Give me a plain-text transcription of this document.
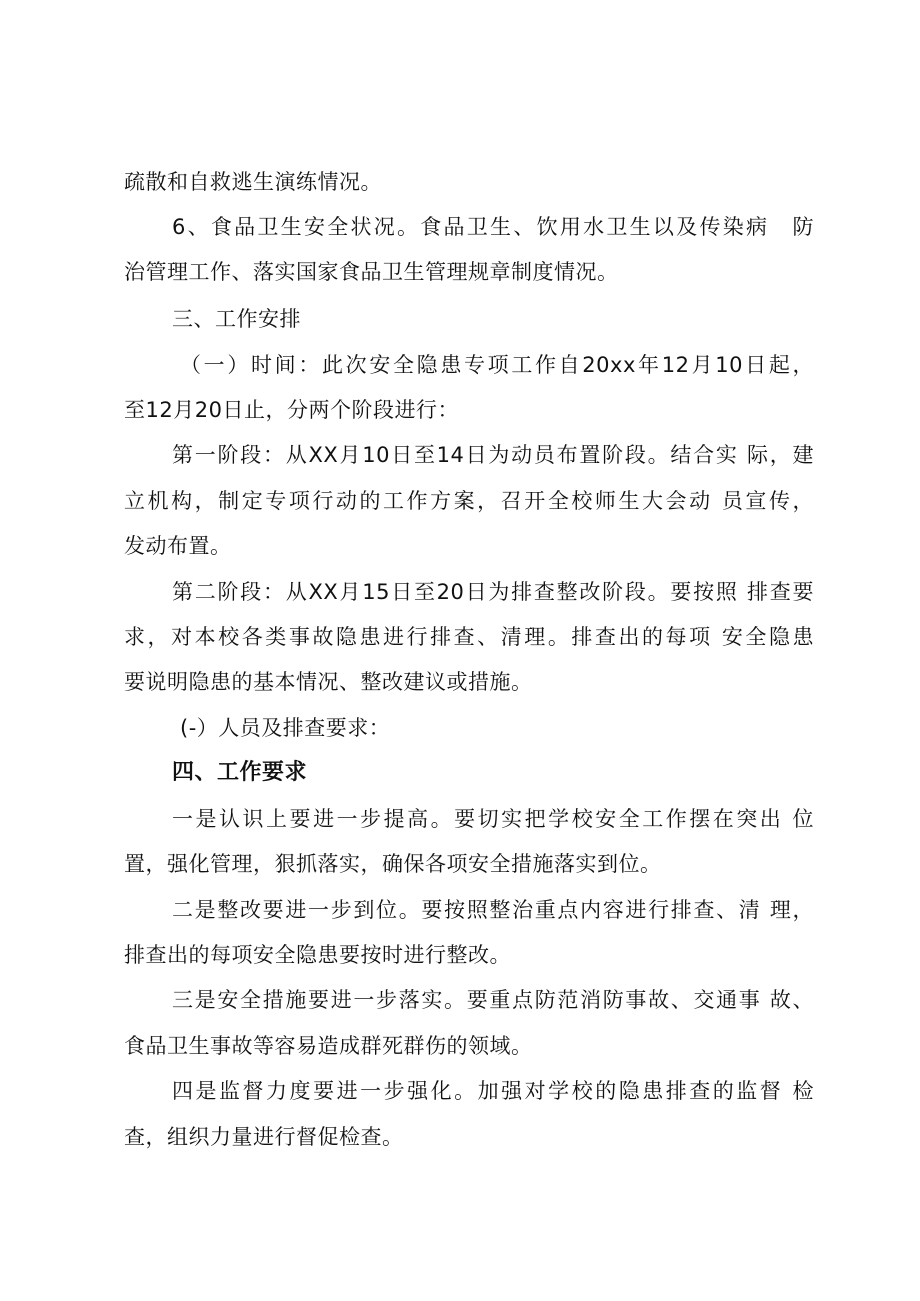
疏散和自救逃生演练情况。
6、食品卫生安全状况。食品卫生、饮用水卫生以及传染病　防
治管理工作、落实国家食品卫生管理规章制度情况。
三、工作安排
（一）时间：此次安全隐患专项工作自20xx年12月10日起，
至12月20日止，分两个阶段进行：
第一阶段：从XX月10日至14日为动员布置阶段。结合实 际，建
立机构，制定专项行动的工作方案，召开全校师生大会动 员宣传，
发动布置。
第二阶段：从XX月15日至20日为排查整改阶段。要按照 排查要
求，对本校各类事故隐患进行排查、清理。排查出的每项 安全隐患
要说明隐患的基本情况、整改建议或措施。
(-）人员及排查要求：
四、工作要求
一是认识上要进一步提高。要切实把学校安全工作摆在突出 位
置，强化管理，狠抓落实，确保各项安全措施落实到位。
二是整改要进一步到位。要按照整治重点内容进行排查、清 理，
排查出的每项安全隐患要按时进行整改。
三是安全措施要进一步落实。要重点防范消防事故、交通事 故、
食品卫生事故等容易造成群死群伤的领域。
四是监督力度要进一步强化。加强对学校的隐患排查的监督 检
查，组织力量进行督促检查。
